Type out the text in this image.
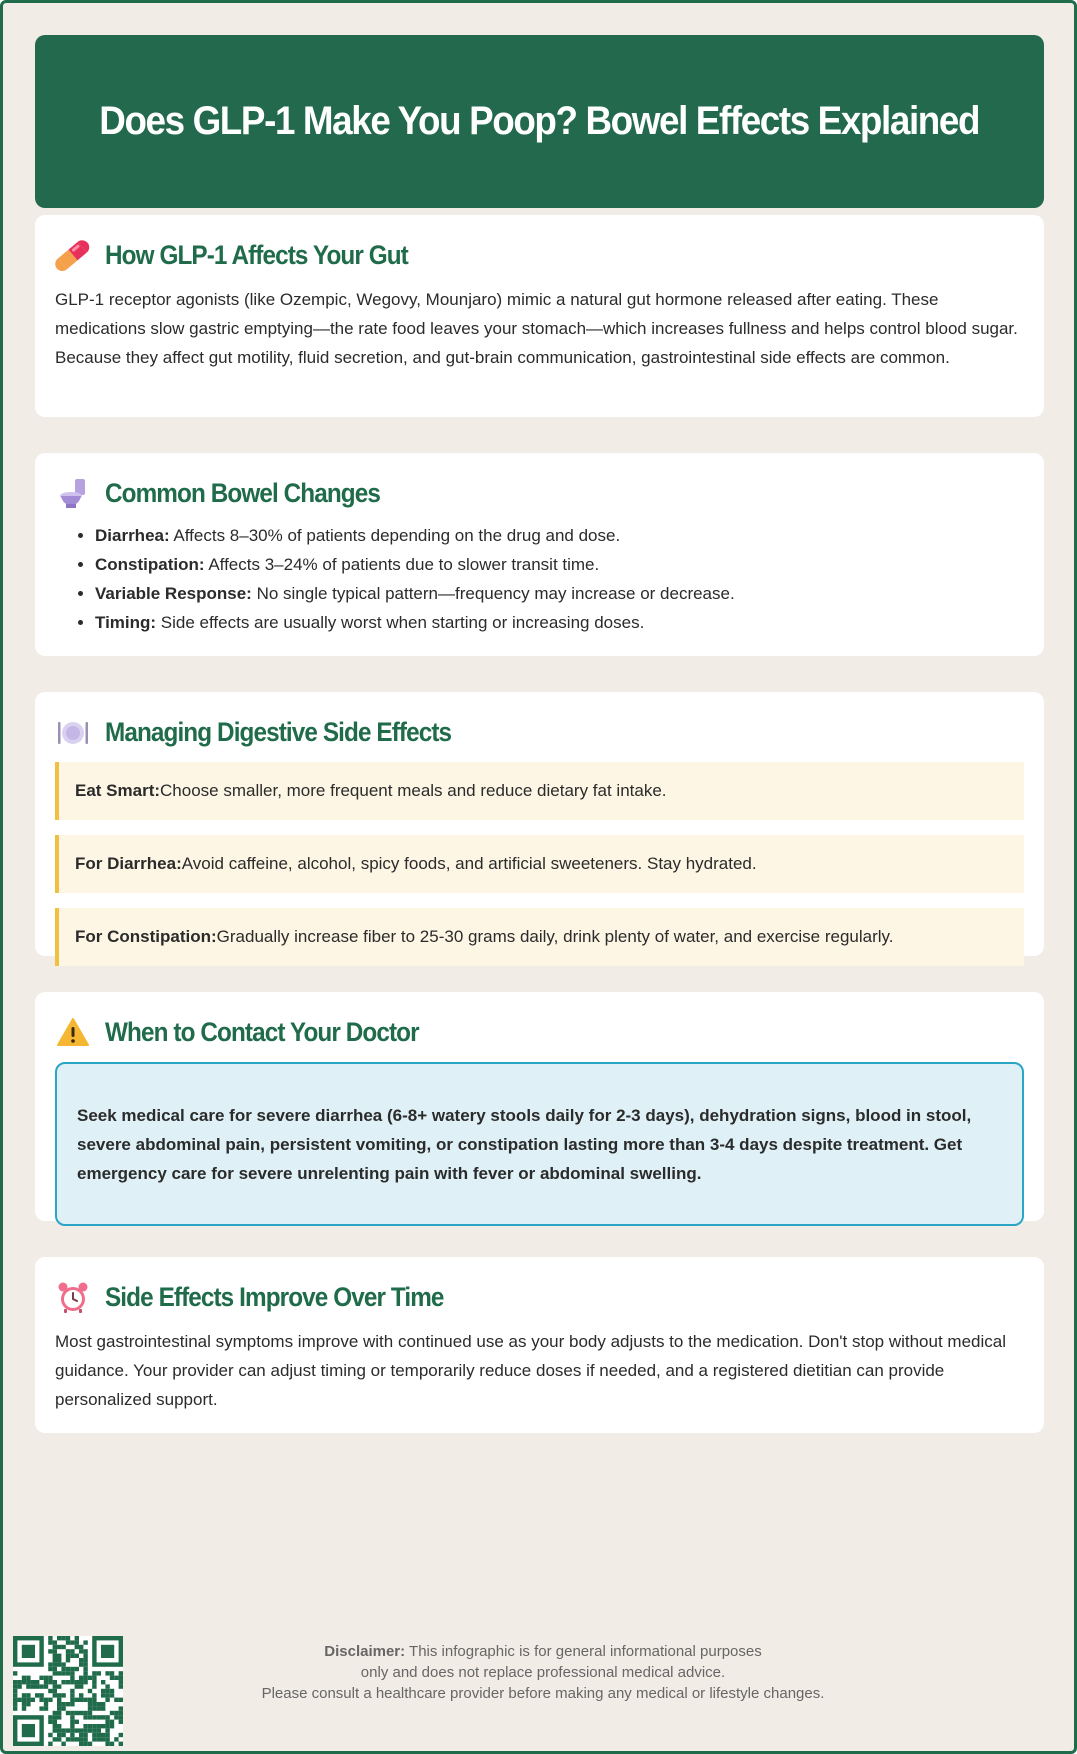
Does GLP-1 Make You Poop? Bowel Effects Explained
How GLP-1 Affects Your Gut

GLP-1 receptor agonists (like Ozempic, Wegovy, Mounjaro) mimic a natural gut hormone released after eating. These medications slow gastric emptying—the rate food leaves your stomach—which increases fullness and helps control blood sugar. Because they affect gut motility, fluid secretion, and gut-brain communication, gastrointestinal side effects are common.

Common Bowel Changes
• Diarrhea: Affects 8–30% of patients depending on the drug and dose.
• Constipation: Affects 3–24% of patients due to slower transit time.
• Variable Response: No single typical pattern—frequency may increase or decrease.
• Timing: Side effects are usually worst when starting or increasing doses.
Managing Digestive Side Effects
Eat Smart: Choose smaller, more frequent meals and reduce dietary fat intake.
For Diarrhea: Avoid caffeine, alcohol, spicy foods, and artificial sweeteners. Stay hydrated.
For Constipation: Gradually increase fiber to 25-30 grams daily, drink plenty of water, and exercise regularly.
When to Contact Your Doctor
Seek medical care for severe diarrhea (6-8+ watery stools daily for 2-3 days), dehydration signs, blood in stool, severe abdominal pain, persistent vomiting, or constipation lasting more than 3-4 days despite treatment. Get emergency care for severe unrelenting pain with fever or abdominal swelling.
Side Effects Improve Over Time

Most gastrointestinal symptoms improve with continued use as your body adjusts to the medication. Don't stop without medical guidance. Your provider can adjust timing or temporarily reduce doses if needed, and a registered dietitian can provide personalized support.

Disclaimer: This infographic is for general informational purposes
only and does not replace professional medical advice.
Please consult a healthcare provider before making any medical or lifestyle changes.
